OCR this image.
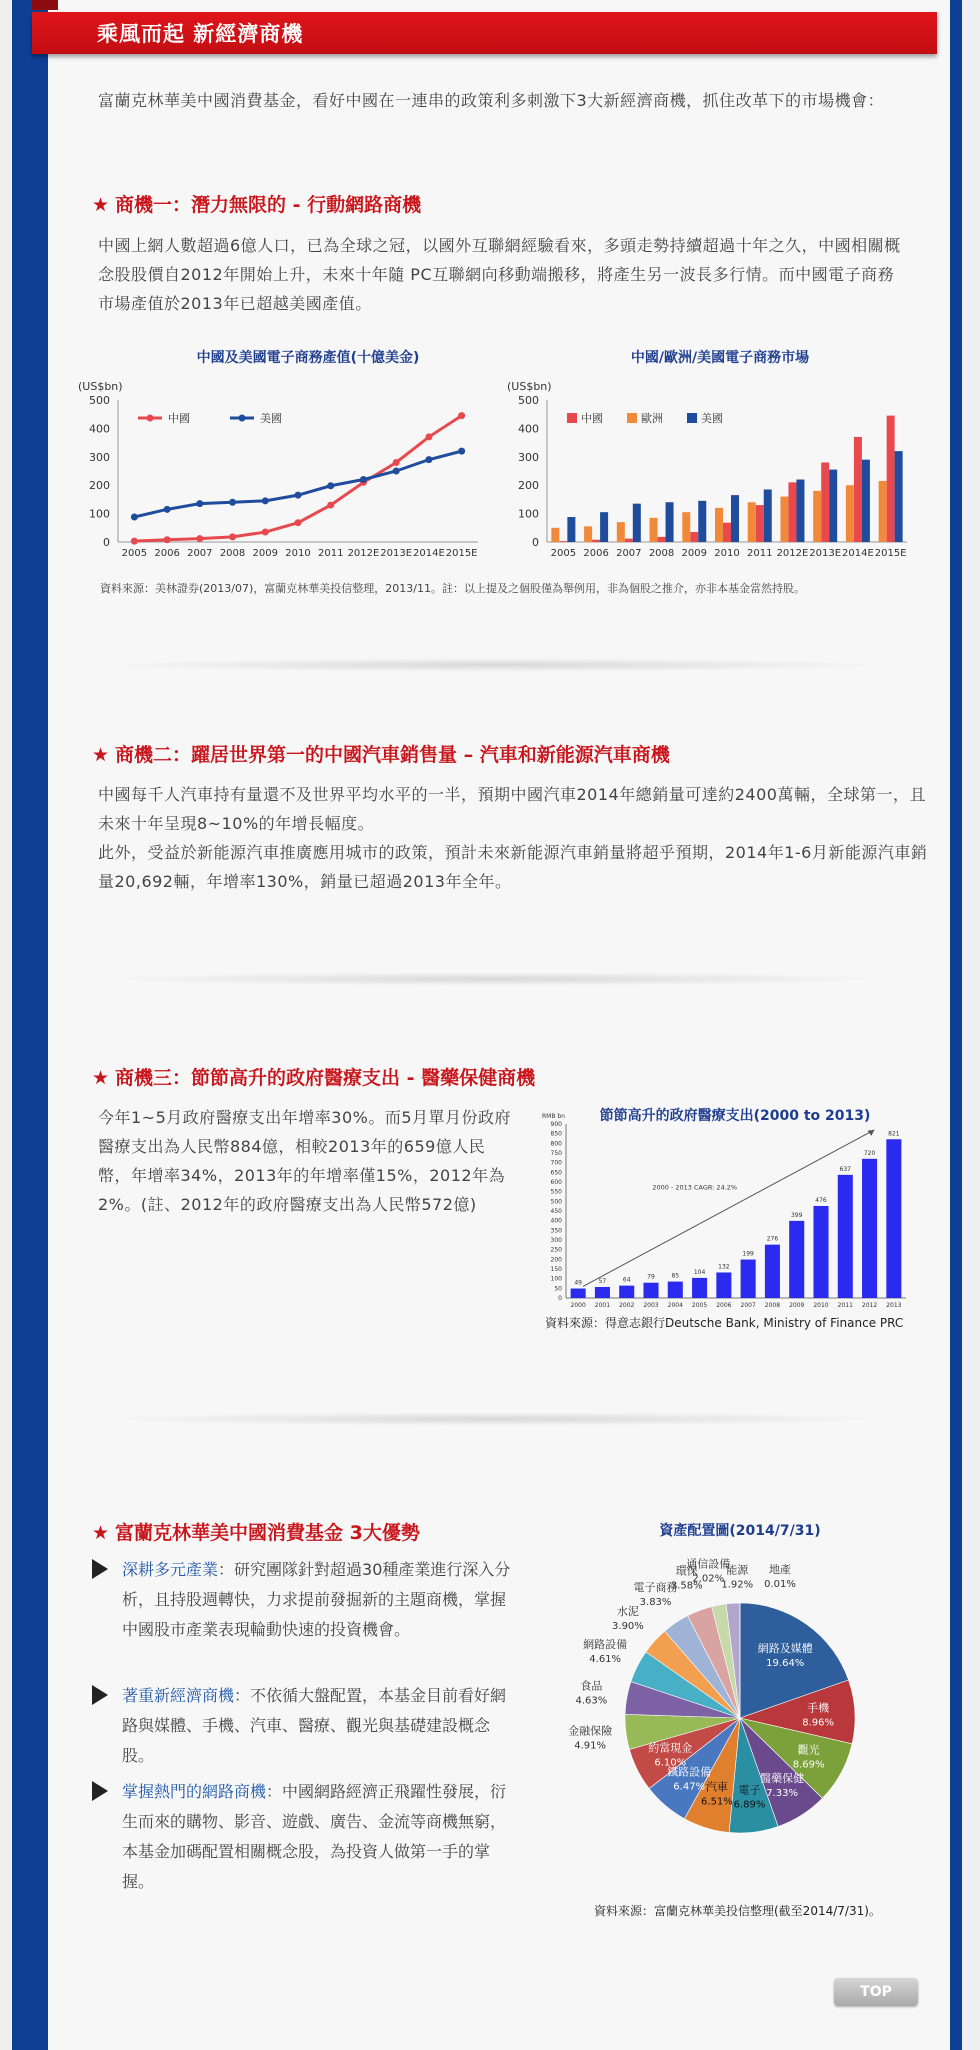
乘風而起 新經濟商機
富蘭克林華美中國消費基金，看好中國在一連串的政策利多刺激下3大新經濟商機，抓住改革下的市場機會：
★ 商機一：潛力無限的 - 行動網路商機
中國上網人數超過6億人口，已為全球之冠，以國外互聯網經驗看來，多頭走勢持續超過十年之久，中國相關概念股股價自2012年開始上升，未來十年隨 PC互聯網向移動端搬移，將產生另一波長多行情。而中國電子商務市場產值於2013年已超越美國產值。
中國及美國電子商務產值(十億美金)
(US$bn)
0
100
200
300
400
500
2005 2006 2007 2008 2009 2010 2011 2012E 2013E 2014E 2015E
中國	美國
中國/歐洲/美國電子商務市場
(US$bn)
0
100
200
300
400
500
2005 2006 2007 2008 2009 2010 2011 2012E 2013E 2014E 2015E
中國	歐洲	美國
資料來源：美林證券(2013/07)，富蘭克林華美投信整理，2013/11。註：以上提及之個股僅為舉例用，非為個股之推介，亦非本基金當然持股。
★ 商機二：躍居世界第一的中國汽車銷售量 – 汽車和新能源汽車商機
中國每千人汽車持有量還不及世界平均水平的一半，預期中國汽車2014年總銷量可達約2400萬輛，全球第一，且未來十年呈現8~10%的年增長幅度。
此外，受益於新能源汽車推廣應用城市的政策，預計未來新能源汽車銷量將超乎預期，2014年1-6月新能源汽車銷量20,692輛，年增率130%，銷量已超過2013年全年。
★ 商機三：節節高升的政府醫療支出 - 醫藥保健商機
今年1~5月政府醫療支出年增率30%。而5月單月份政府醫療支出為人民幣884億，相較2013年的659億人民幣，年增率34%，2013年的年增率僅15%，2012年為2%。(註、2012年的政府醫療支出為人民幣572億)
節節高升的政府醫療支出(2000 to 2013)
RMB bn
0
50
100
150
200
250
300
350
400
450
500
550
600
650
700
750
800
850
900
49
2000
57
2001
64
2002
79
2003
85
2004
104
2005
132
2006
199
2007
276
2008
399
2009
476
2010
637
2011
720
2012
821
2013
2000 - 2013 CAGR: 24.2%
資料來源：得意志銀行Deutsche Bank, Ministry of Finance PRC
★ 富蘭克林華美中國消費基金 3大優勢
深耕多元產業：研究團隊針對超過30種產業進行深入分析，且持股週轉快，力求提前發掘新的主題商機，掌握中國股市產業表現輪動快速的投資機會。
著重新經濟商機：不依循大盤配置，本基金目前看好網路與媒體、手機、汽車、醫療、觀光與基礎建設概念股。
掌握熱門的網路商機：中國網路經濟正飛躍性發展，衍生而來的購物、影音、遊戲、廣告、金流等商機無窮，本基金加碼配置相關概念股，為投資人做第一手的掌握。
資產配置圖(2014/7/31)
網路及媒體
19.64%
手機
8.96%
觀光
8.69%
醫藥保健
7.33%
電子
6.89%
汽車
6.51%
鐵路設備
6.47%
約當現金
6.10%
金融保險
4.91%
食品
4.63%
網路設備
4.61%
水泥
3.90%
電子商務
3.83%
環保
3.58%
通信設備
2.02%
能源
1.92%
地產
0.01%
資料來源：富蘭克林華美投信整理(截至2014/7/31)。
TOP
